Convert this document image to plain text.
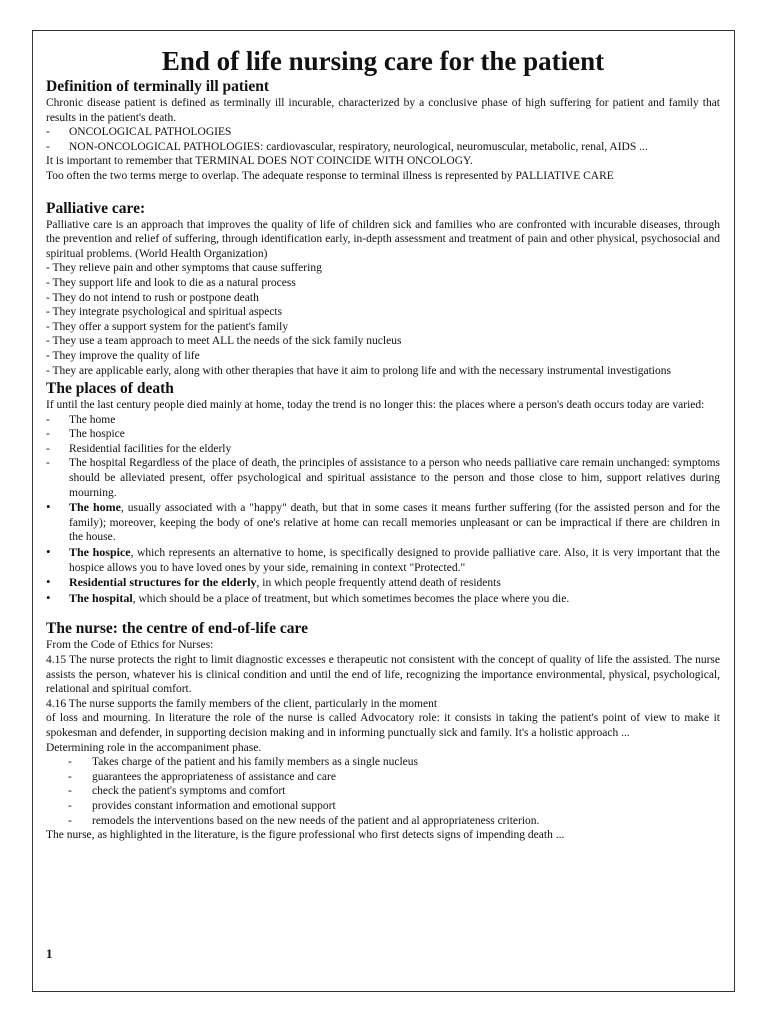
End of life nursing care for the patient
Definition of terminally ill patient

Chronic disease patient is defined as terminally ill incurable, characterized by a conclusive phase of high suffering for patient and family that results in the patient's death.

-	ONCOLOGICAL PATHOLOGIES
-	NON-ONCOLOGICAL PATHOLOGIES: cardiovascular, respiratory, neurological, neuromuscular, metabolic, renal, AIDS ...

It is important to remember that TERMINAL DOES NOT COINCIDE WITH ONCOLOGY.

Too often the two terms merge to overlap. The adequate response to terminal illness is represented by PALLIATIVE CARE

Palliative care:

Palliative care is an approach that improves the quality of life of children sick and families who are confronted with incurable diseases, through the prevention and relief of suffering, through identification early, in-depth assessment and treatment of pain and other physical, psychosocial and spiritual problems. (World Health Organization)

- They relieve pain and other symptoms that cause suffering

- They support life and look to die as a natural process

- They do not intend to rush or postpone death

- They integrate psychological and spiritual aspects

- They offer a support system for the patient's family

- They use a team approach to meet ALL the needs of the sick family nucleus

- They improve the quality of life

- They are applicable early, along with other therapies that have it aim to prolong life and with the necessary instrumental investigations

The places of death

If until the last century people died mainly at home, today the trend is no longer this: the places where a person's death occurs today are varied:

-	The home
-	The hospice
-	Residential facilities for the elderly
-	The hospital Regardless of the place of death, the principles of assistance to a person who needs palliative care remain unchanged: symptoms should be alleviated present, offer psychological and spiritual assistance to the person and those close to him, support relatives during mourning.
•	The home, usually associated with a "happy" death, but that in some cases it means further suffering (for the assisted person and for the family); moreover, keeping the body of one's relative at home can recall memories unpleasant or can be impractical if there are children in the house.
•	The hospice, which represents an alternative to home, is specifically designed to provide palliative care. Also, it is very important that the hospice allows you to have loved ones by your side, remaining in context "Protected."
•	Residential structures for the elderly, in which people frequently attend death of residents
•	The hospital, which should be a place of treatment, but which sometimes becomes the place where you die.
The nurse: the centre of end-of-life care

From the Code of Ethics for Nurses:

4.15 The nurse protects the right to limit diagnostic excesses e therapeutic not consistent with the concept of quality of life the assisted. The nurse assists the person, whatever his is clinical condition and until the end of life, recognizing the importance environmental, physical, psychological, relational and spiritual comfort.

4.16 The nurse supports the family members of the client, particularly in the moment

of loss and mourning. In literature the role of the nurse is called Advocatory role: it consists in taking the patient's point of view to make it spokesman and defender, in supporting decision making and in informing punctually sick and family. It's a holistic approach ...

Determining role in the accompaniment phase.

-	Takes charge of the patient and his family members as a single nucleus
-	guarantees the appropriateness of assistance and care
-	check the patient's symptoms and comfort
-	provides constant information and emotional support
-	remodels the interventions based on the new needs of the patient and al appropriateness criterion.

The nurse, as highlighted in the literature, is the figure professional who first detects signs of impending death ...

1
